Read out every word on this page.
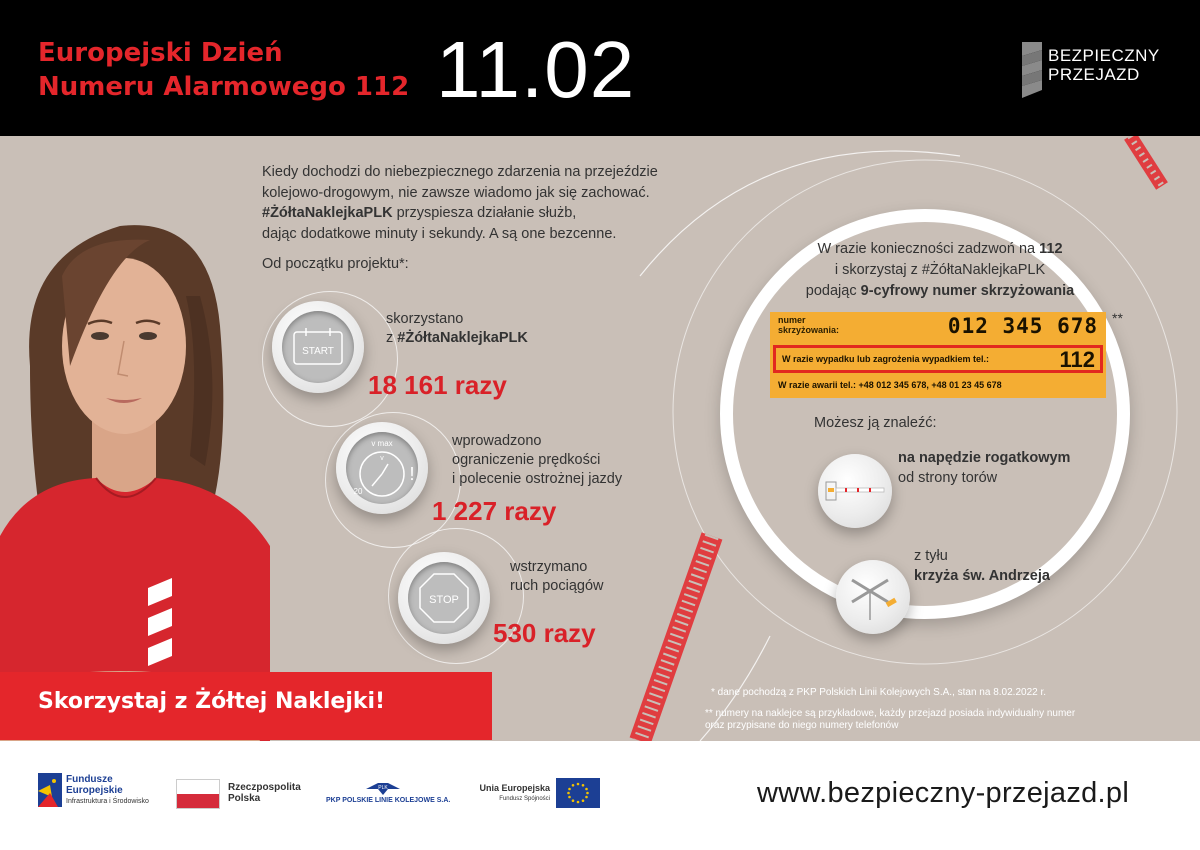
Europejski Dzień
Numeru Alarmowego 112 11.02	BEZPIECZNY
PRZEJAZD
Kiedy dochodzi do niebezpiecznego zdarzenia na przejeździe
kolejowo-drogowym, nie zawsze wiadomo jak się zachować.
#ŻółtaNaklejkaPLK przyspiesza działanie służb,
dając dodatkowe minuty i sekundy. A są one bezcenne.
Od początku projektu*:
START
skorzystano
z #ŻółtaNaklejkaPLK
18 161 razy
v max
v
20
!
wprowadzono
ograniczenie prędkości
i polecenie ostrożnej jazdy
1 227 razy
STOP
wstrzymano
ruch pociągów
530 razy
W razie konieczności zadzwoń na 112
i skorzystaj z #ŻółtaNaklejkaPLK
podając 9-cyfrowy numer skrzyżowania
numer
skrzyżowania:	012 345 678
W razie wypadku lub zagrożenia wypadkiem tel.:	112
W razie awarii tel.: +48 012 345 678, +48 01 23 45 678
**
Możesz ją znaleźć:
na napędzie rogatkowym
od strony torów
z tyłu
krzyża św. Andrzeja
* dane pochodzą z PKP Polskich Linii Kolejowych S.A., stan na 8.02.2022 r.
** numery na naklejce są przykładowe, każdy przejazd posiada indywidualny numer
oraz przypisane do niego numery telefonów
Skorzystaj z Żółtej Naklejki!
Fundusze
Europejskie
Infrastruktura i Środowisko
Rzeczpospolita
Polska
PLK
PKP POLSKIE LINIE KOLEJOWE S.A.
Unia Europejska
Fundusz Spójności	www.bezpieczny-przejazd.pl
